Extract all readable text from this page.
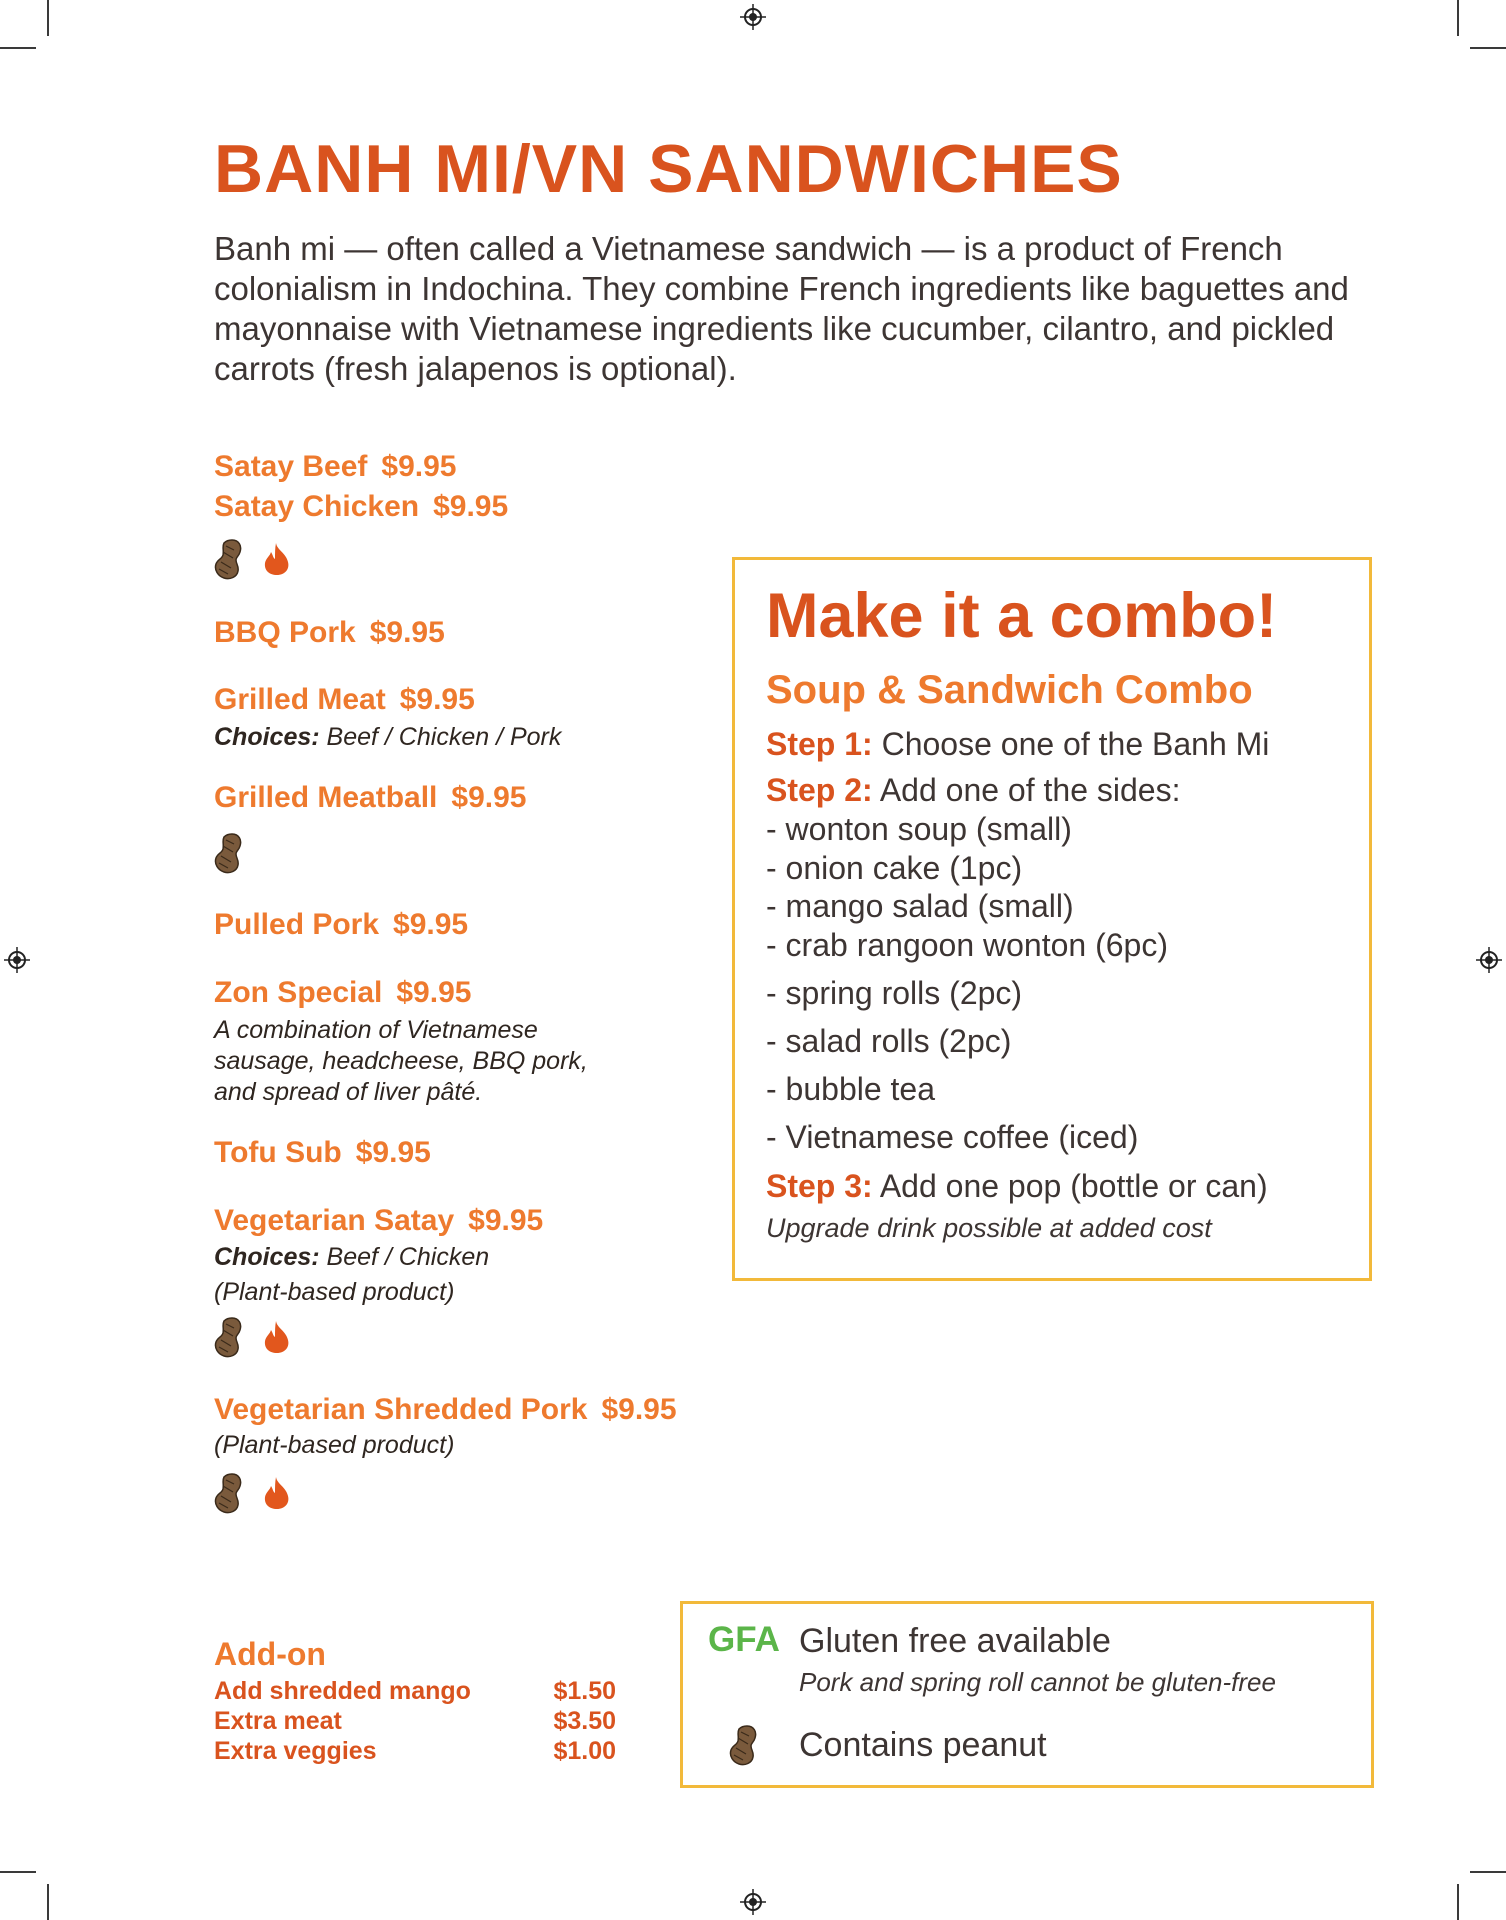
BANH MI/VN SANDWICHES
Banh mi — often called a Vietnamese sandwich — is a product of French colonialism in Indochina. They combine French ingredients like baguettes and mayonnaise with Vietnamese ingredients like cucumber, cilantro, and pickled carrots (fresh jalapenos is optional).
Satay Beef $9.95
Satay Chicken $9.95
BBQ Pork $9.95
Grilled Meat $9.95
Choices: Beef / Chicken / Pork
Grilled Meatball $9.95
Pulled Pork $9.95
Zon Special $9.95
A combination of Vietnamese
sausage, headcheese, BBQ pork,
and spread of liver pâté.
Tofu Sub $9.95
Vegetarian Satay $9.95
Choices: Beef / Chicken
(Plant-based product)
Vegetarian Shredded Pork $9.95
(Plant-based product)
Make it a combo!
Soup & Sandwich Combo
Step 1: Choose one of the Banh Mi
Step 2: Add one of the sides:
- wonton soup (small)
- onion cake (1pc)
- mango salad (small)
- crab rangoon wonton (6pc)
- spring rolls (2pc)
- salad rolls (2pc)
- bubble tea
- Vietnamese coffee (iced)
Step 3: Add one pop (bottle or can)
Upgrade drink possible at added cost
Add-on
Add shredded mango	$1.50
Extra meat	$3.50
Extra veggies	$1.00
GFA Gluten free available
Pork and spring roll cannot be gluten-free
Contains peanut
